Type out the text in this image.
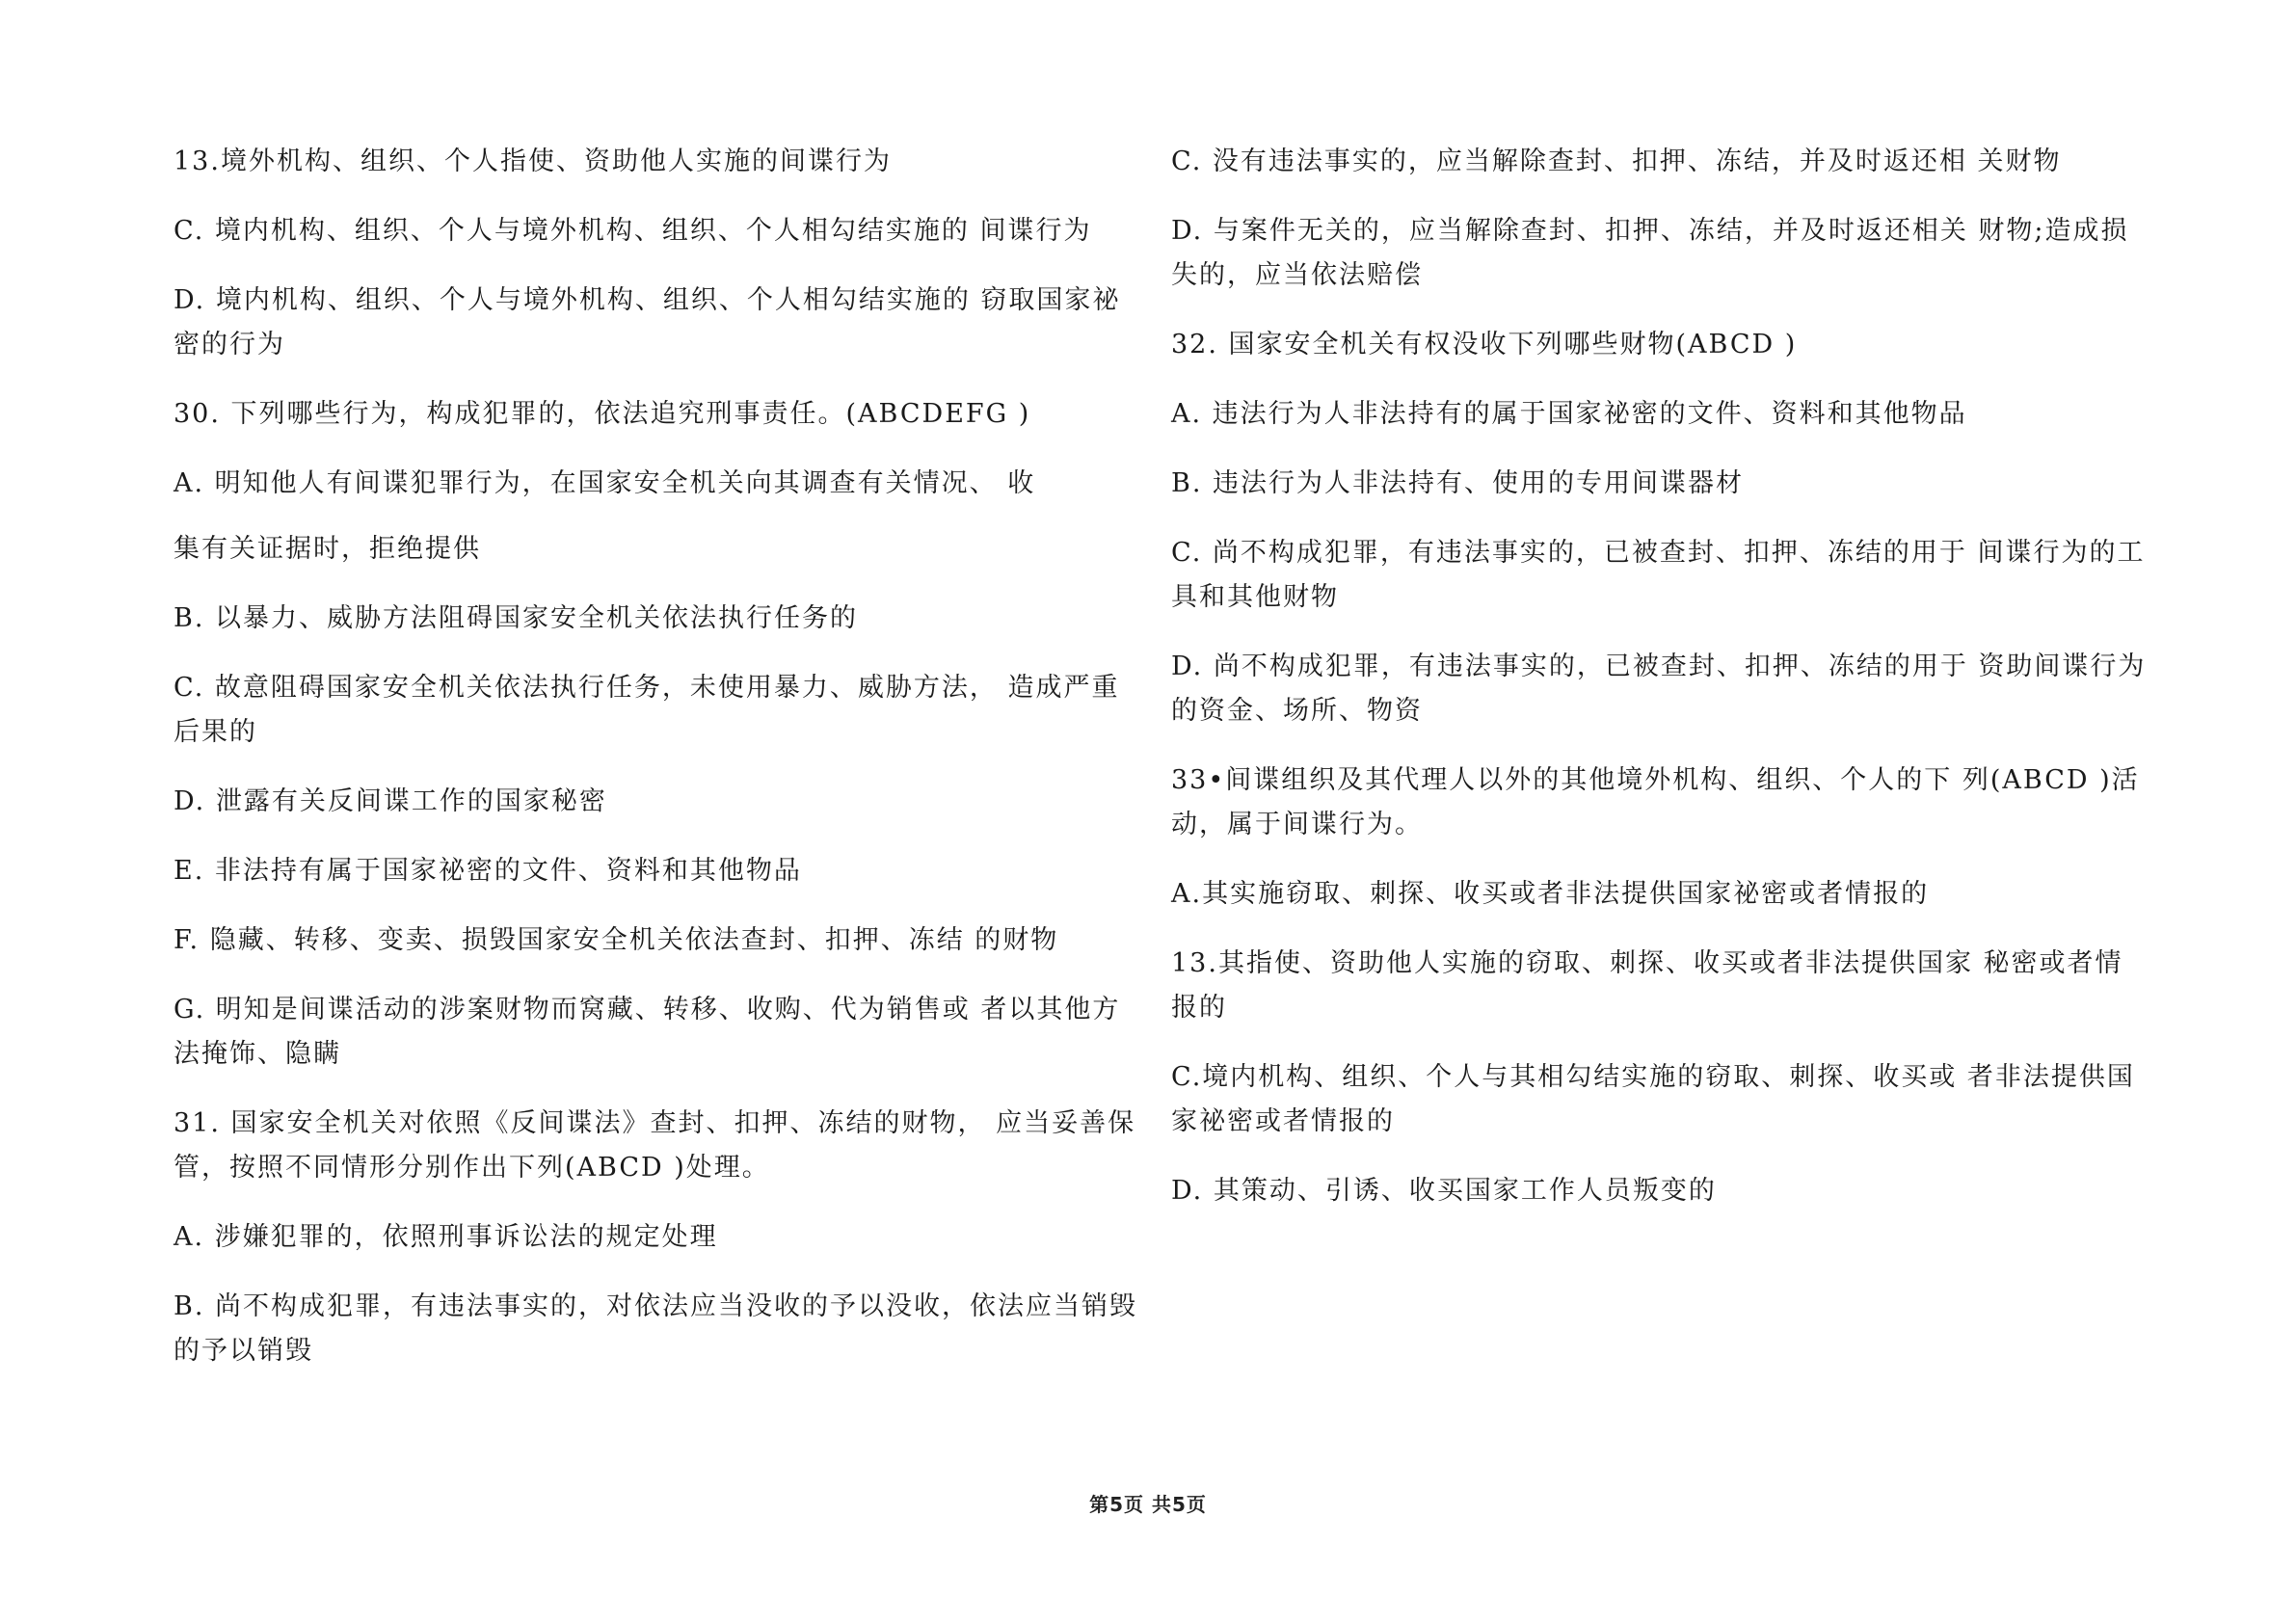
13.境外机构、组织、个人指使、资助他人实施的间谍行为

C. 境内机构、组织、个人与境外机构、组织、个人相勾结实施的 间谍行为

D. 境内机构、组织、个人与境外机构、组织、个人相勾结实施的 窃取国家祕密的行为

30. 下列哪些行为，构成犯罪的，依法追究刑事责任。(ABCDEFG )

A. 明知他人有间谍犯罪行为，在国家安全机关向其调查有关情况、 收

集有关证据时，拒绝提供

B. 以暴力、威胁方法阻碍国家安全机关依法执行任务的

C. 故意阻碍国家安全机关依法执行任务，未使用暴力、威胁方法， 造成严重后果的

D. 泄露有关反间谍工作的国家秘密

E. 非法持有属于国家祕密的文件、资料和其他物品

F. 隐藏、转移、变卖、损毁国家安全机关依法查封、扣押、冻结 的财物

G. 明知是间谍活动的涉案财物而窝藏、转移、收购、代为销售或 者以其他方法掩饰、隐瞒

31. 国家安全机关对依照《反间谍法》查封、扣押、冻结的财物， 应当妥善保管，按照不同情形分别作出下列(ABCD )处理。

A. 涉嫌犯罪的，依照刑事诉讼法的规定处理

B. 尚不构成犯罪，有违法事实的，对依法应当没收的予以没收，依法应当销毁的予以销毁

C. 没有违法事实的，应当解除查封、扣押、冻结，并及时返还相 关财物

D. 与案件无关的，应当解除查封、扣押、冻结，并及时返还相关 财物;造成损失的，应当依法赔偿

32. 国家安全机关有权没收下列哪些财物(ABCD )

A. 违法行为人非法持有的属于国家祕密的文件、资料和其他物品

B. 违法行为人非法持有、使用的专用间谍器材

C. 尚不构成犯罪，有违法事实的，已被查封、扣押、冻结的用于 间谍行为的工具和其他财物

D. 尚不构成犯罪，有违法事实的，已被查封、扣押、冻结的用于 资助间谍行为的资金、场所、物资

33•间谍组织及其代理人以外的其他境外机构、组织、个人的下 列(ABCD )活动，属于间谍行为。

A.其实施窃取、刺探、收买或者非法提供国家祕密或者情报的

13.其指使、资助他人实施的窃取、刺探、收买或者非法提供国家 秘密或者情报的

C.境内机构、组织、个人与其相勾结实施的窃取、刺探、收买或 者非法提供国家祕密或者情报的

D. 其策动、引诱、收买国家工作人员叛变的

第5页 共5页
